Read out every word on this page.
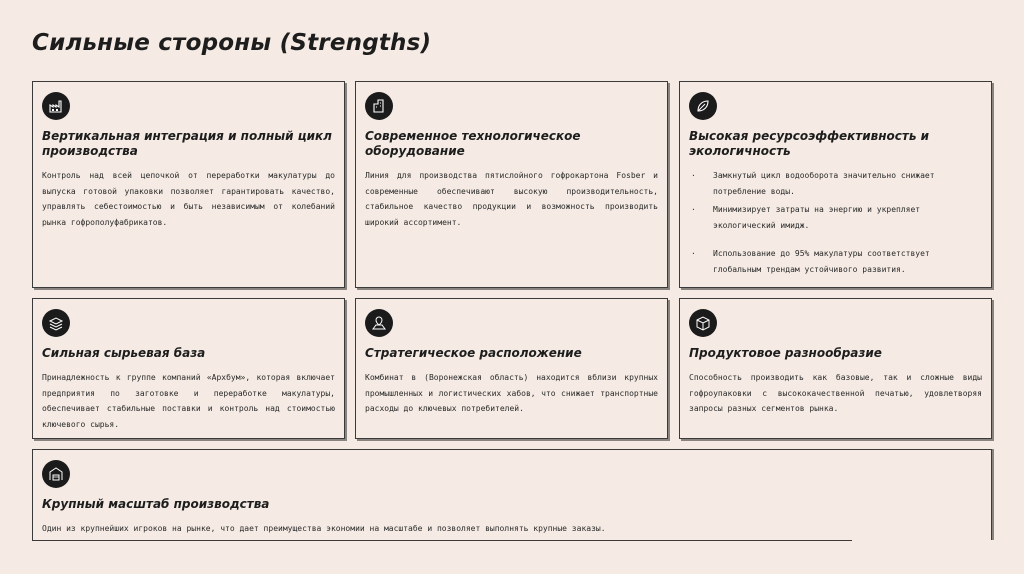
Сильные стороны (Strengths)
Вертикальная интеграция и полный цикл производства

Контроль над всей цепочкой от переработки макулатуры до выпуска готовой упаковки позволяет гарантировать качество, управлять себестоимостью и быть независимым от колебаний рынка гофрополуфабрикатов.

Современное технологическое оборудование

Линия для производства пятислойного гофрокартона Fosber и современные обеспечивают высокую производительность, стабильное качество продукции и возможность производить широкий ассортимент.

Высокая ресурсоэффективность и экологичность
· Замкнутый цикл водооборота значительно снижает потребление воды.
· Минимизирует затраты на энергию и укрепляет экологический имидж.
· Использование до 95% макулатуры соответствует глобальным трендам устойчивого развития.
Сильная сырьевая база

Принадлежность к группе компаний «Архбум», которая включает предприятия по заготовке и переработке макулатуры, обеспечивает стабильные поставки и контроль над стоимостью ключевого сырья.

Стратегическое расположение

Комбинат в (Воронежская область) находится вблизи крупных промышленных и логистических хабов, что снижает транспортные расходы до ключевых потребителей.

Продуктовое разнообразие

Способность производить как базовые, так и сложные виды гофроупаковки с высококачественной печатью, удовлетворяя запросы разных сегментов рынка.

Крупный масштаб производства

Один из крупнейших игроков на рынке, что дает преимущества экономии на масштабе и позволяет выполнять крупные заказы.
